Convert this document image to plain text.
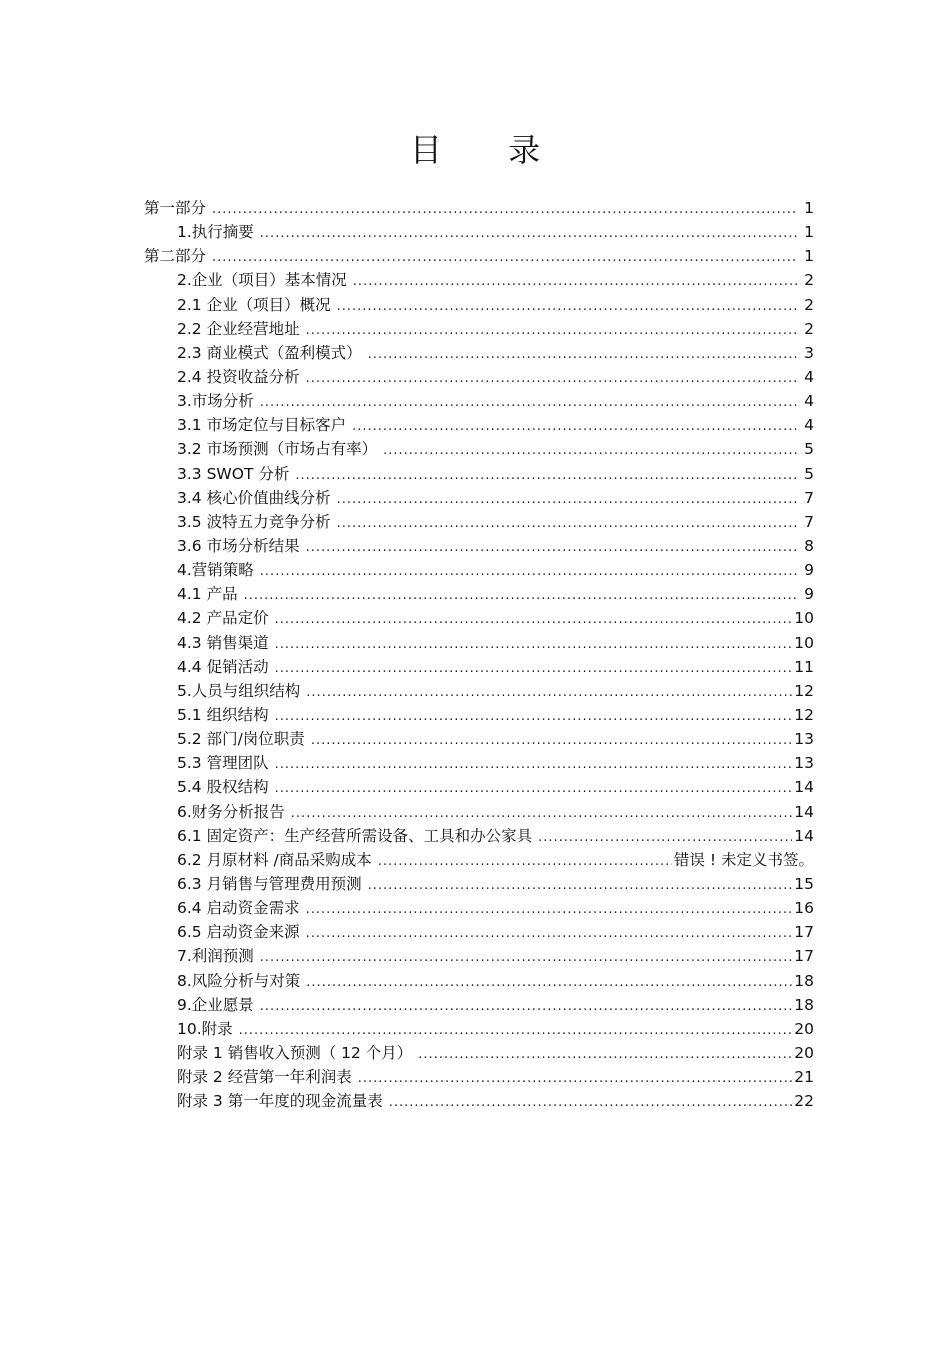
目 录
第一部分 .....	1
1.执行摘要 .....	1
第二部分 .....	1
2.企业（项目）基本情况 .....	2
2.1 企业（项目）概况 .....	2
2.2 企业经营地址 .....	2
2.3 商业模式（盈利模式） .....	3
2.4 投资收益分析 .....	4
3.市场分析 .....	4
3.1 市场定位与目标客户 .....	4
3.2 市场预测（市场占有率） .....	5
3.3 SWOT 分析 .....	5
3.4 核心价值曲线分析 .....	7
3.5 波特五力竞争分析 .....	7
3.6 市场分析结果 .....	8
4.营销策略 .....	9
4.1 产品 .....	9
4.2 产品定价 .....	10
4.3 销售渠道 .....	10
4.4 促销活动 .....	11
5.人员与组织结构 .....	12
5.1 组织结构 .....	12
5.2 部门/岗位职责 .....	13
5.3 管理团队 .....	13
5.4 股权结构 .....	14
6.财务分析报告 .....	14
6.1 固定资产：生产经营所需设备、工具和办公家具 .....	14
6.2 月原材料 /商品采购成本 .....	错误 ! 未定义书签。
6.3 月销售与管理费用预测 .....	15
6.4 启动资金需求 .....	16
6.5 启动资金来源 .....	17
7.利润预测 .....	17
8.风险分析与对策 .....	18
9.企业愿景 .....	18
10.附录 .....	20
附录 1 销售收入预测（ 12 个月） .....	20
附录 2 经营第一年利润表 .....	21
附录 3 第一年度的现金流量表 .....	22
